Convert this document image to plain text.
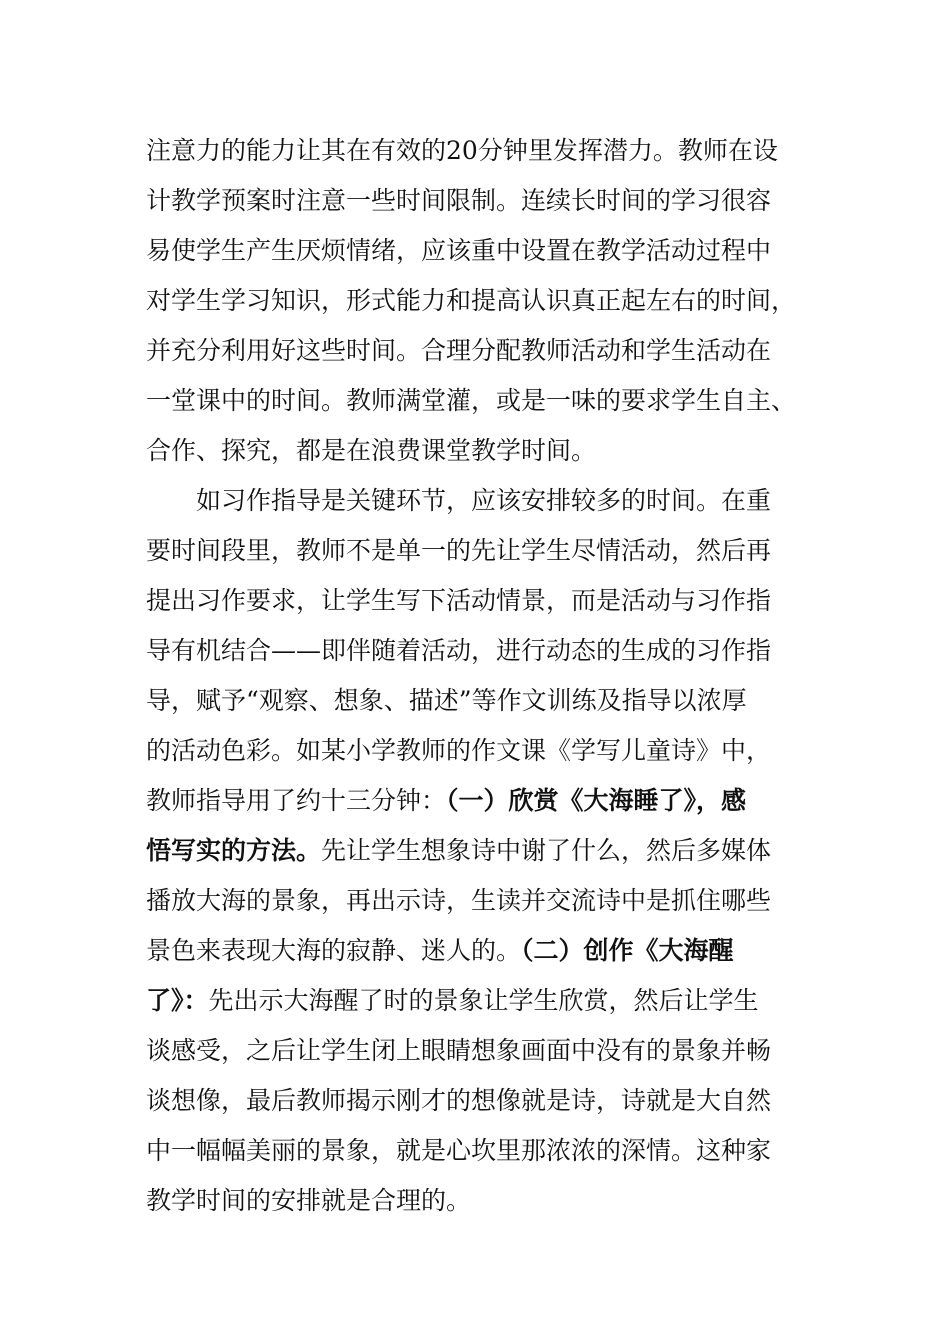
注意力的能力让其在有效的20分钟里发挥潜力。教师在设
计教学预案时注意一些时间限制。连续长时间的学习很容
易使学生产生厌烦情绪，应该重中设置在教学活动过程中
对学生学习知识，形式能力和提高认识真正起左右的时间，
并充分利用好这些时间。合理分配教师活动和学生活动在
一堂课中的时间。教师满堂灌，或是一味的要求学生自主、
合作、探究，都是在浪费课堂教学时间。
如习作指导是关键环节，应该安排较多的时间。在重
要时间段里，教师不是单一的先让学生尽情活动，然后再
提出习作要求，让学生写下活动情景，而是活动与习作指
导有机结合——即伴随着活动，进行动态的生成的习作指
导，赋予“观察、想象、描述”等作文训练及指导以浓厚
的活动色彩。如某小学教师的作文课《学写儿童诗》中，
教师指导用了约十三分钟：（一）欣赏《大海睡了》，感
悟写实的方法。先让学生想象诗中谢了什么，然后多媒体
播放大海的景象，再出示诗，生读并交流诗中是抓住哪些
景色来表现大海的寂静、迷人的。（二）创作《大海醒
了》：先出示大海醒了时的景象让学生欣赏，然后让学生
谈感受，之后让学生闭上眼睛想象画面中没有的景象并畅
谈想像，最后教师揭示刚才的想像就是诗，诗就是大自然
中一幅幅美丽的景象，就是心坎里那浓浓的深情。这种家
教学时间的安排就是合理的。
